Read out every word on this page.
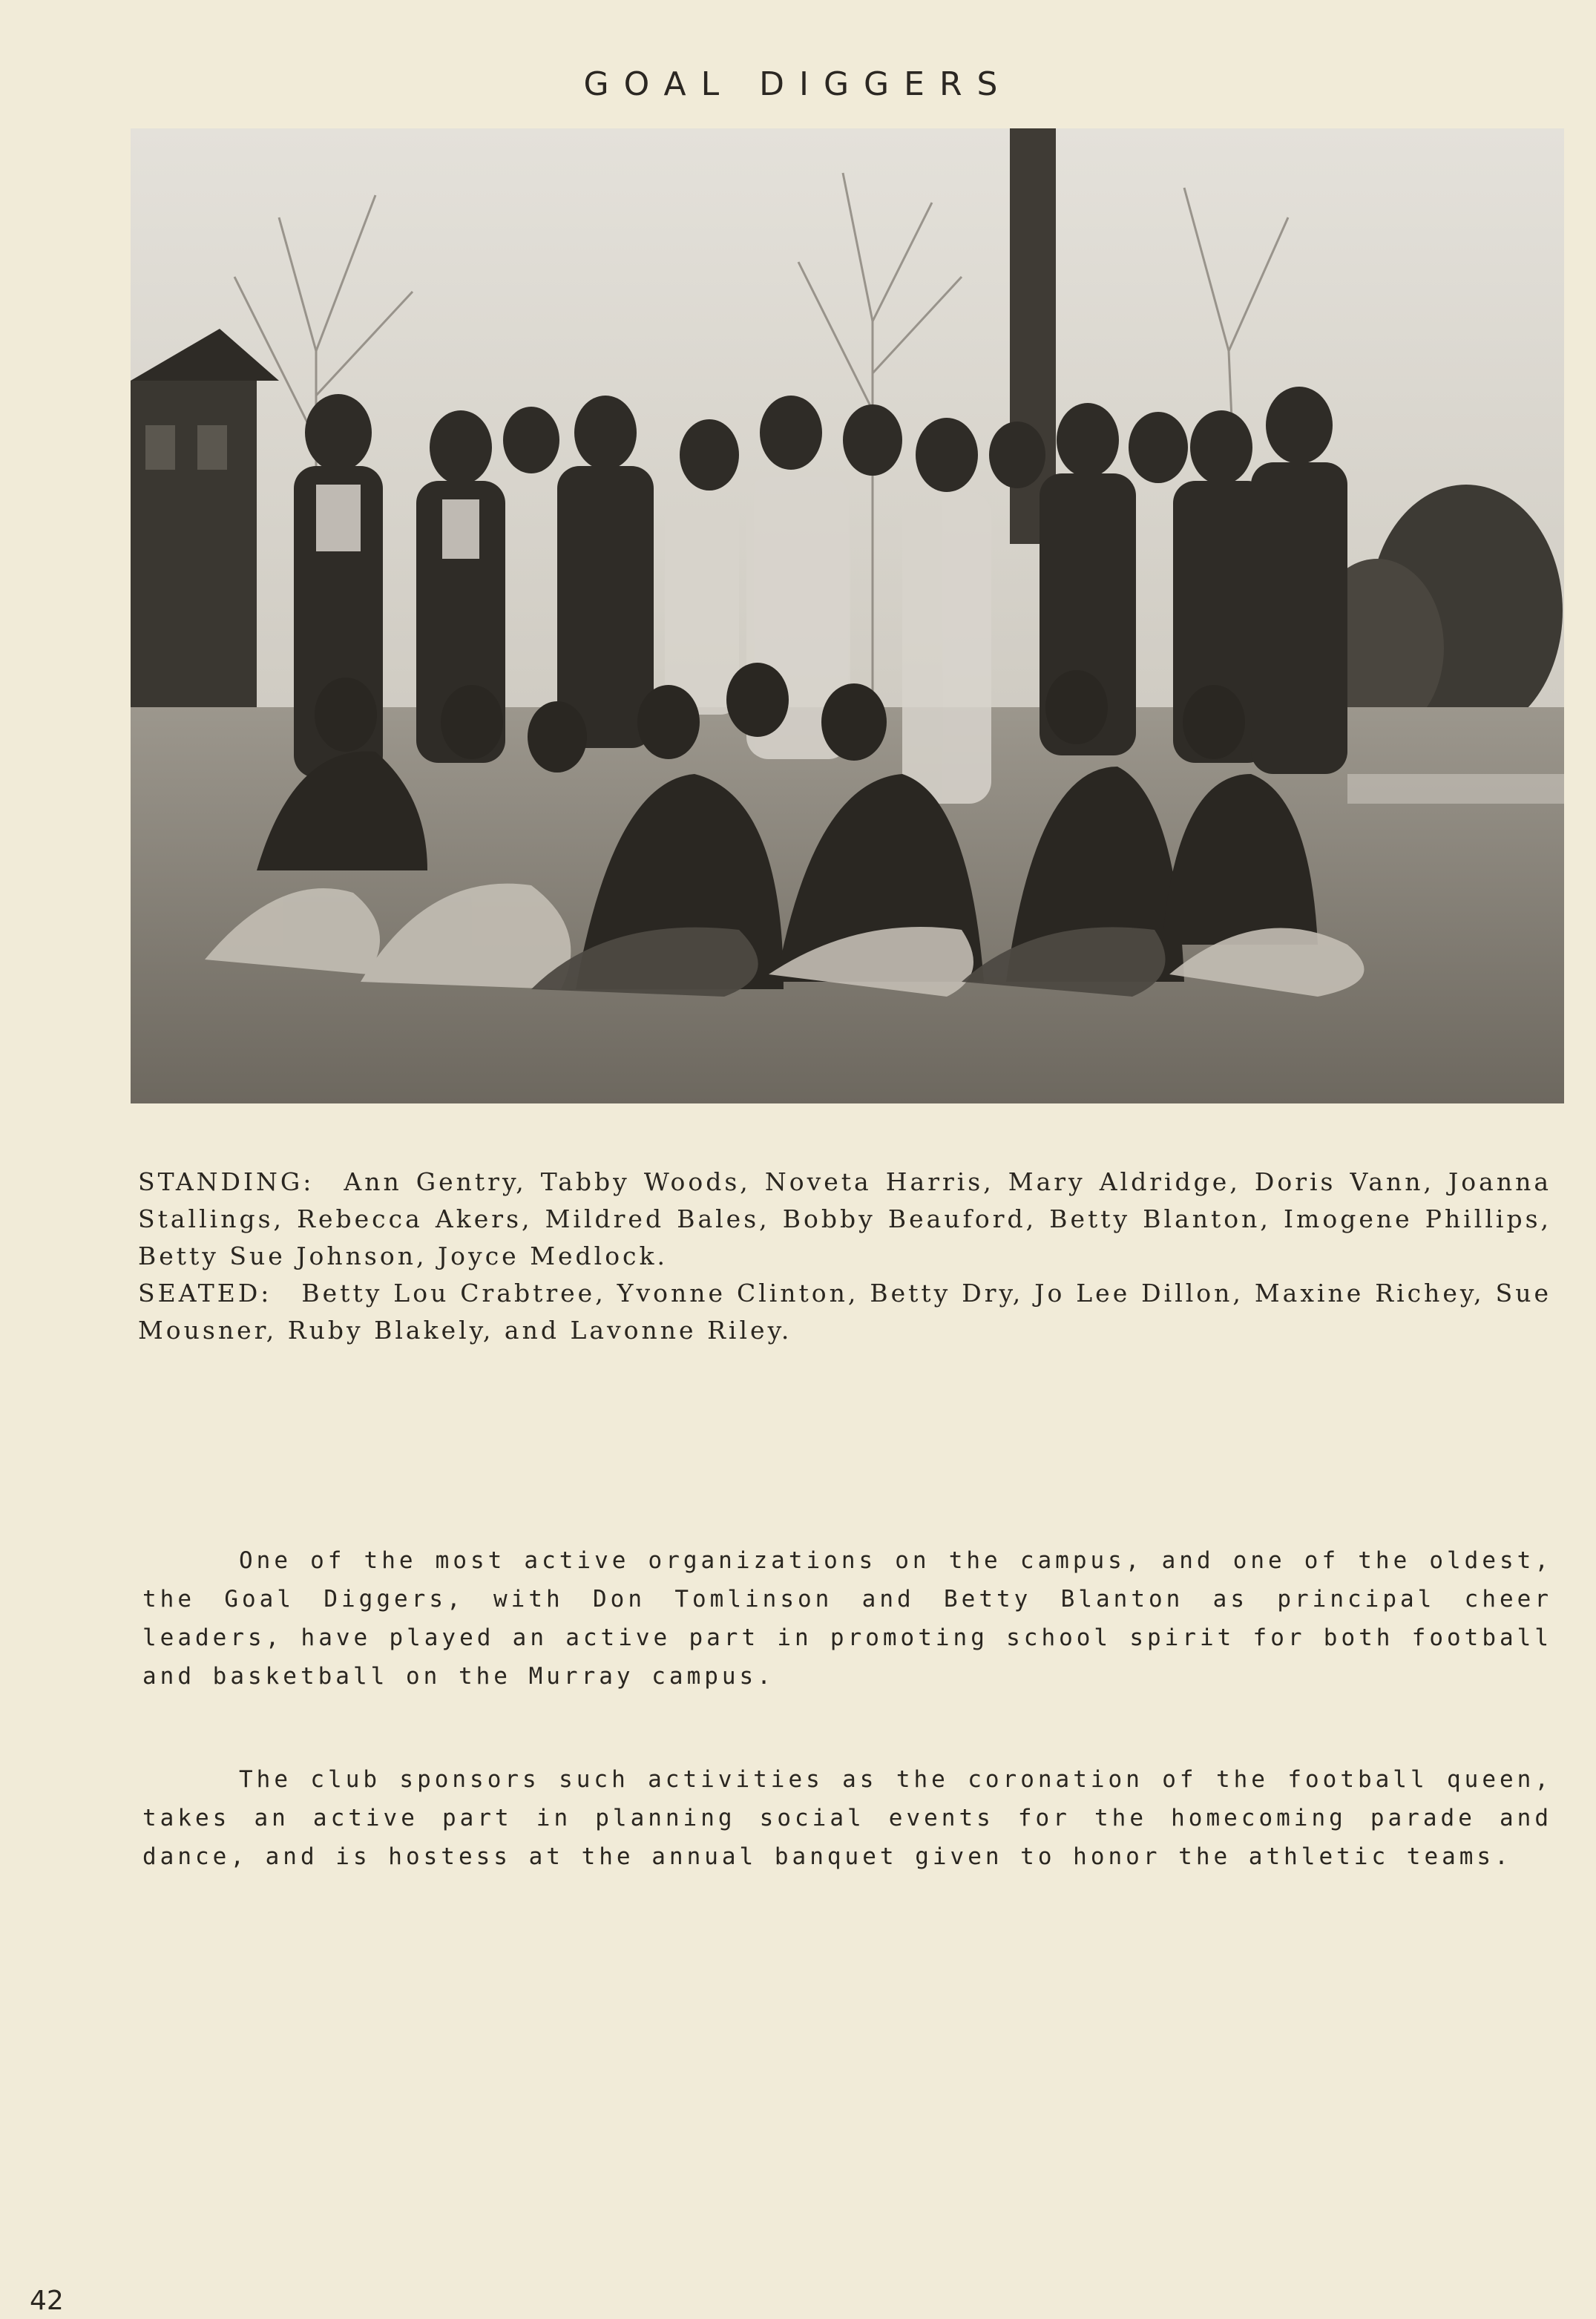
GOAL DIGGERS

STANDING: Ann Gentry, Tabby Woods, Noveta Harris, Mary Aldridge, Doris Vann, Joanna Stallings, Rebecca Akers, Mildred Bales, Bobby Beauford, Betty Blanton, Imogene Phillips, Betty Sue Johnson, Joyce Medlock.

SEATED: Betty Lou Crabtree, Yvonne Clinton, Betty Dry, Jo Lee Dillon, Maxine Richey, Sue Mousner, Ruby Blakely, and Lavonne Riley.

One of the most active organizations on the campus, and one of the oldest, the Goal Diggers, with Don Tomlinson and Betty Blanton as principal cheer leaders, have played an active part in promoting school spirit for both football and basketball on the Murray campus.

The club sponsors such activities as the coronation of the football queen, takes an active part in planning social events for the homecoming parade and dance, and is hostess at the annual banquet given to honor the athletic teams.

42
